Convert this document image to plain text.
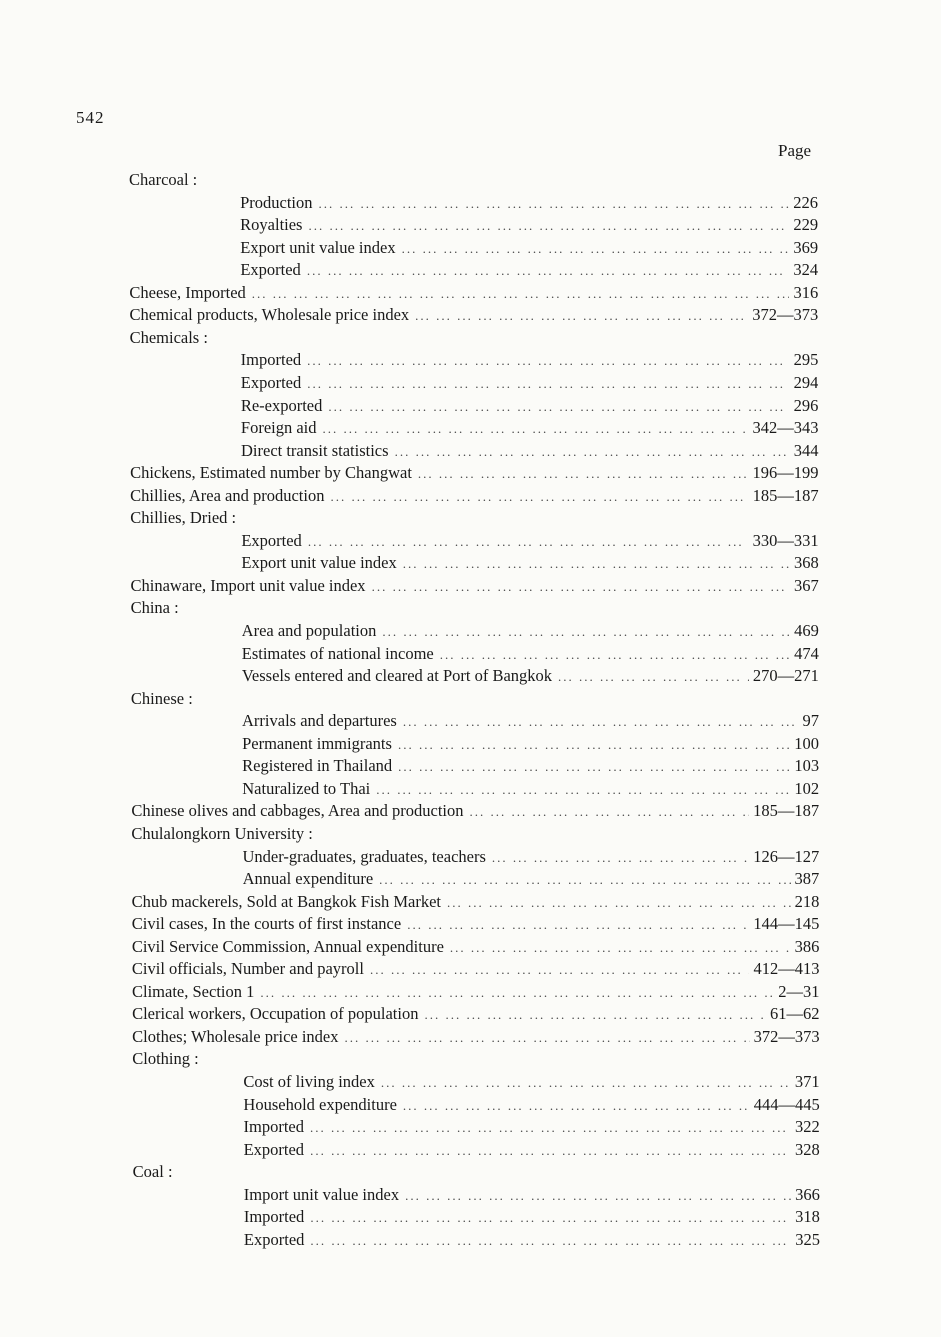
542
Page
Charcoal :
Production ... .	226
Royalties ... .	229
Export unit value index ... .	369
Exported ... .	324
Cheese, Imported ... .	316
Chemical products, Wholesale price index ... .	372—373
Chemicals :
Imported ... .	295
Exported ... .	294
Re-exported ... .	296
Foreign aid ... .	342—343
Direct transit statistics ... .	344
Chickens, Estimated number by Changwat ... .	196—199
Chillies, Area and production ... .	185—187
Chillies, Dried :
Exported ... .	330—331
Export unit value index ... .	368
Chinaware, Import unit value index ... .	367
China :
Area and population ... .	469
Estimates of national income ... .	474
Vessels entered and cleared at Port of Bangkok ... .	270—271
Chinese :
Arrivals and departures ... .	97
Permanent immigrants ... .	100
Registered in Thailand ... .	103
Naturalized to Thai ... .	102
Chinese olives and cabbages, Area and production ... .	185—187
Chulalongkorn University :
Under-graduates, graduates, teachers ... .	126—127
Annual expenditure ... .	387
Chub mackerels, Sold at Bangkok Fish Market ... .	218
Civil cases, In the courts of first instance ... .	144—145
Civil Service Commission, Annual expenditure ... .	386
Civil officials, Number and payroll ... .	412—413
Climate, Section 1 ... .	2—31
Clerical workers, Occupation of population ... .	61—62
Clothes; Wholesale price index ... .	372—373
Clothing :
Cost of living index ... .	371
Household expenditure ... .	444—445
Imported ... .	322
Exported ... .	328
Coal :
Import unit value index ... .	366
Imported ... .	318
Exported ... .	325
